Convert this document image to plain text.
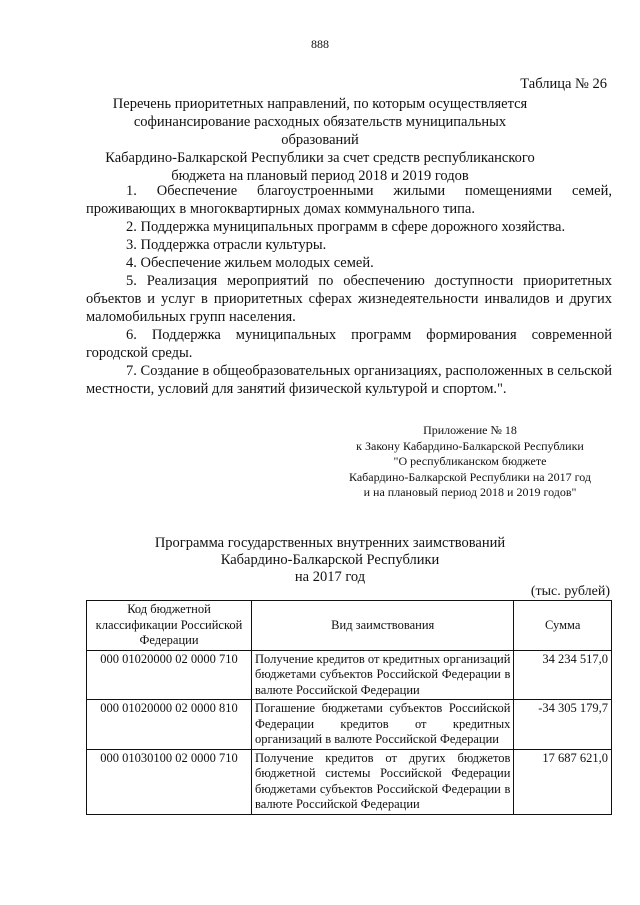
888
Таблица № 26
Перечень приоритетных направлений, по которым осуществляется
софинансирование расходных обязательств муниципальных образований
Кабардино-Балкарской Республики за счет средств республиканского
бюджета на плановый период 2018 и 2019 годов

1. Обеспечение благоустроенными жилыми помещениями семей, проживающих в многоквартирных домах коммунального типа.

2. Поддержка муниципальных программ в сфере дорожного хозяйства.

3. Поддержка отрасли культуры.

4. Обеспечение жильем молодых семей.

5. Реализация мероприятий по обеспечению доступности приоритетных объектов и услуг в приоритетных сферах жизнедеятельности инвалидов и других маломобильных групп населения.

6. Поддержка муниципальных программ формирования современной городской среды.

7. Создание в общеобразовательных организациях, расположенных в сельской местности, условий для занятий физической культурой и спортом.".

Приложение № 18
к Закону Кабардино-Балкарской Республики
"О республиканском бюджете
Кабардино-Балкарской Республики на 2017 год
и на плановый период 2018 и 2019 годов"
Программа государственных внутренних заимствований
Кабардино-Балкарской Республики
на 2017 год
(тыс. рублей)
Код бюджетной классификации Российской Федерации	Вид заимствования	Сумма
000 01020000 02 0000 710	Получение кредитов от кредитных организаций бюджетами субъектов Российской Федерации в валюте Российской Федерации	34 234 517,0
000 01020000 02 0000 810	Погашение бюджетами субъектов Российской Федерации кредитов от кредитных организаций в валюте Российской Федерации	-34 305 179,7
000 01030100 02 0000 710	Получение кредитов от других бюджетов бюджетной системы Российской Федерации бюджетами субъектов Российской Федерации в валюте Российской Федерации	17 687 621,0
